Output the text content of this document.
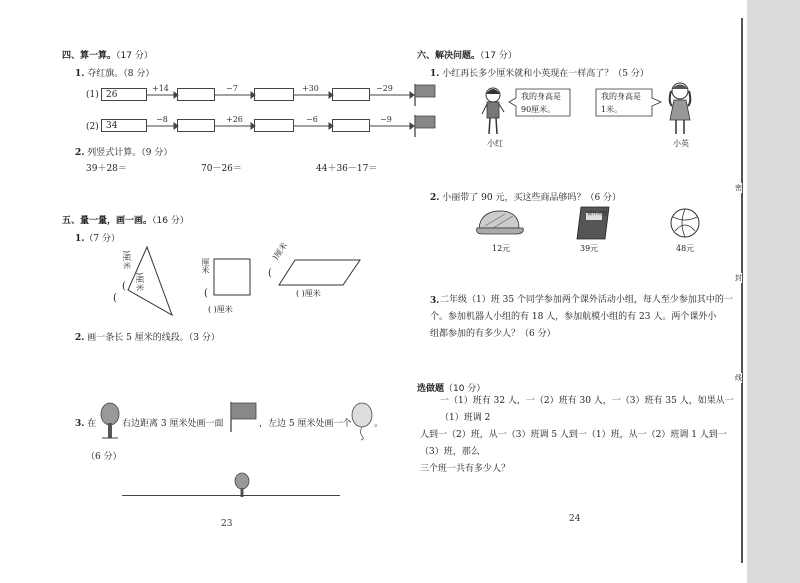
四、算一算。（17 分）
1. 夺红旗。（8 分）
(1) 26
+14	−7	+30	−29
(2) 34
−8	+26	−6	−9
2. 列竖式计算。（9 分）
39＋28＝	70－26＝	44＋36－17＝
五、量一量，画一画。（16 分）
1.（7 分）
(
( )厘米
)厘米	厘米
(
( )厘米
)厘米
(
( )厘米
2. 画一条长 5 厘米的线段。（3 分）
3. 在	右边距离 3 厘米处画一面	，左边 5 厘米处画一个	。
（6 分）
23
六、解决问题。（17 分）
1. 小红再长多少厘米就和小英现在一样高了？（5 分）
我的身高是
90厘米。
小红
我的身高是
1米。
小英
2. 小丽带了 90 元，买这些商品够吗？（6 分）
12元
课外读物
39元	48元
3. 二年级（1）班 35 个同学参加两个课外活动小组，每人至少参加其中的一
个。参加机器人小组的有 18 人，参加航模小组的有 23 人。两个课外小
组都参加的有多少人？（6 分）
选做题（10 分）
一（1）班有 32 人，一（2）班有 30 人，一（3）班有 35 人，如果从一（1）班调 2
人到一（2）班，从一（3）班调 5 人到一（1）班，从一（2）班调 1 人到一（3）班，那么
三个班一共有多少人？
24
密
封
线
